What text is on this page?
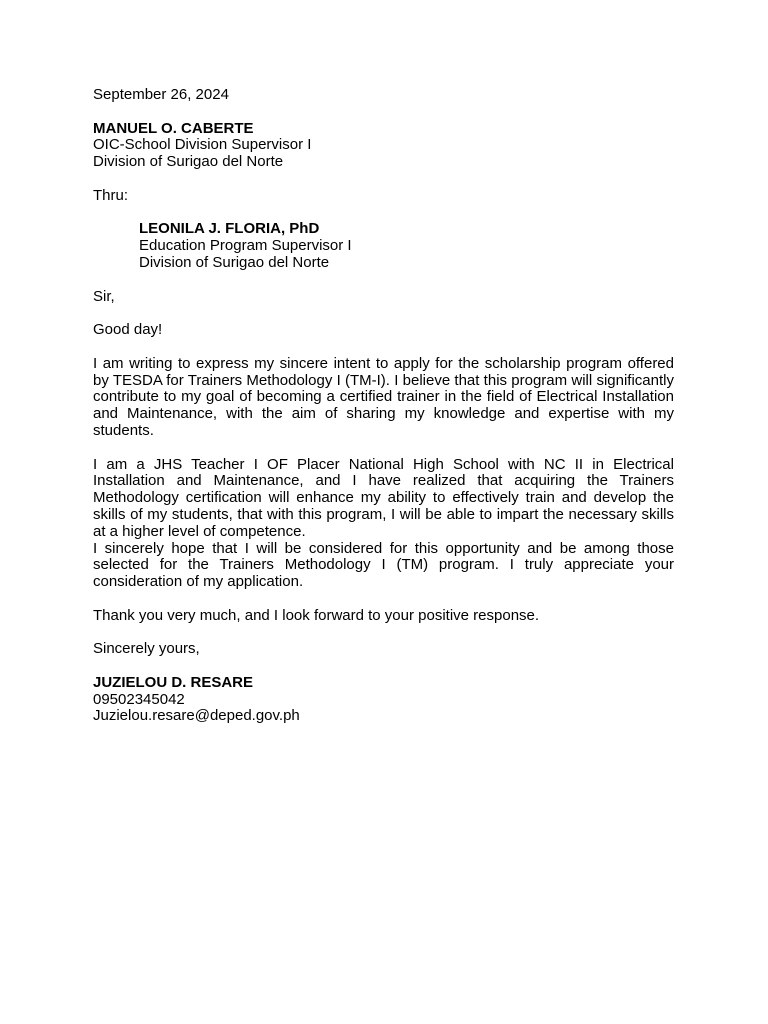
September 26, 2024
MANUEL O. CABERTE
OIC-School Division Supervisor I
Division of Surigao del Norte
Thru:
LEONILA J. FLORIA, PhD
Education Program Supervisor I
Division of Surigao del Norte
Sir,
Good day!
I am writing to express my sincere intent to apply for the scholarship program offered by TESDA for Trainers Methodology I (TM-I). I believe that this program will significantly contribute to my goal of becoming a certified trainer in the field of Electrical Installation and Maintenance, with the aim of sharing my knowledge and expertise with my students.
I am a JHS Teacher I OF Placer National High School with NC II in Electrical Installation and Maintenance, and I have realized that acquiring the Trainers Methodology certification will enhance my ability to effectively train and develop the skills of my students, that with this program, I will be able to impart the necessary skills at a higher level of competence.
I sincerely hope that I will be considered for this opportunity and be among those selected for the Trainers Methodology I (TM) program. I truly appreciate your consideration of my application.
Thank you very much, and I look forward to your positive response.
Sincerely yours,
JUZIELOU D. RESARE
09502345042
Juzielou.resare@deped.gov.ph
